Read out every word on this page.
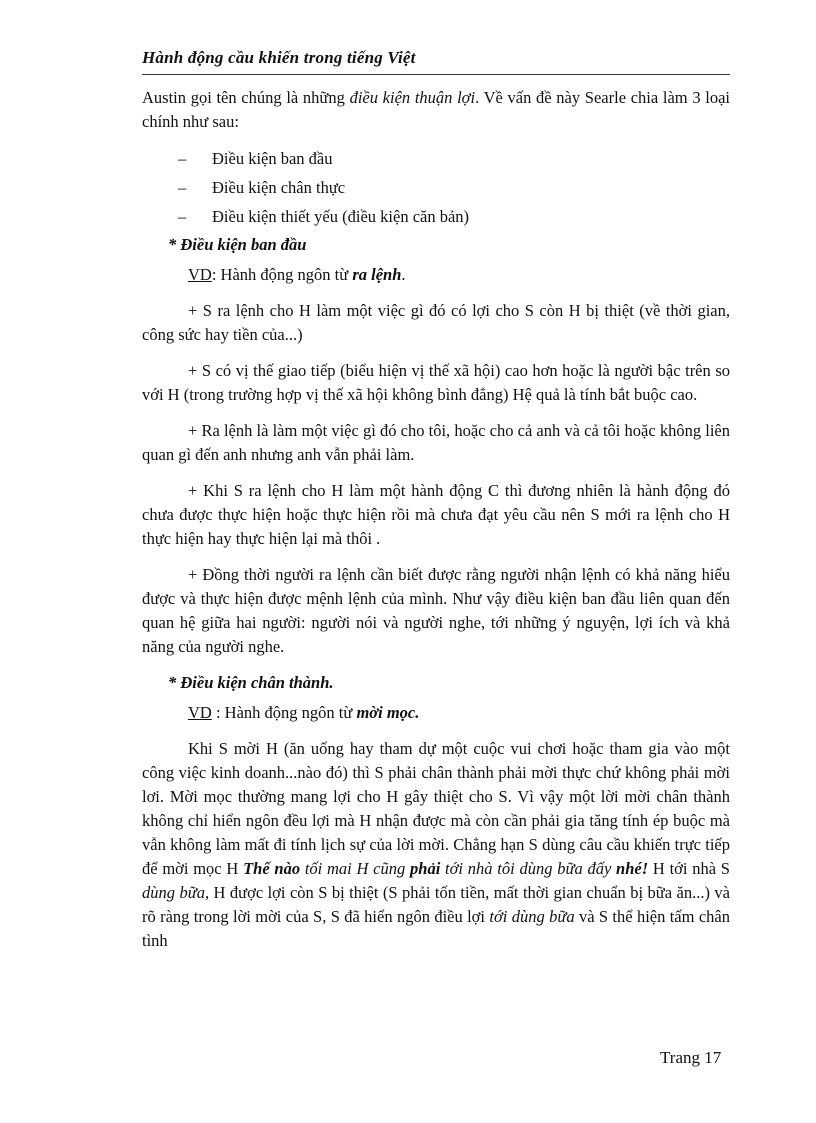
Hành động cầu khiến trong tiếng Việt

Austin gọi tên chúng là những điều kiện thuận lợi. Về vấn đề này Searle chia làm 3 loại chính như sau:

– Điều kiện ban đầu
– Điều kiện chân thực
– Điều kiện thiết yếu (điều kiện căn bản)

* Điều kiện ban đầu

VD: Hành động ngôn từ ra lệnh.

+ S ra lệnh cho H làm một việc gì đó có lợi cho S còn H bị thiệt (về thời gian, công sức hay tiền của...)

+ S có vị thế giao tiếp (biểu hiện vị thế xã hội) cao hơn hoặc là người bậc trên so với H (trong trường hợp vị thế xã hội không bình đẳng) Hệ quả là tính bắt buộc cao.

+ Ra lệnh là làm một việc gì đó cho tôi, hoặc cho cả anh và cả tôi hoặc không liên quan gì đến anh nhưng anh vẫn phải làm.

+ Khi S ra lệnh cho H làm một hành động C thì đương nhiên là hành động đó chưa được thực hiện hoặc thực hiện rồi mà chưa đạt yêu cầu nên S mới ra lệnh cho H thực hiện hay thực hiện lại mà thôi .

+ Đồng thời người ra lệnh cần biết được rằng người nhận lệnh có khả năng hiểu được và thực hiện được mệnh lệnh của mình. Như vậy điều kiện ban đầu liên quan đến quan hệ giữa hai người: người nói và người nghe, tới những ý nguyện, lợi ích và khả năng của người nghe.

* Điều kiện chân thành.

VD : Hành động ngôn từ mời mọc.

Khi S mời H (ăn uống hay tham dự một cuộc vui chơi hoặc tham gia vào một công việc kinh doanh...nào đó) thì S phải chân thành phải mời thực chứ không phải mời lơi. Mời mọc thường mang lợi cho H gây thiệt cho S. Vì vậy một lời mời chân thành không chỉ hiển ngôn đều lợi mà H nhận được mà còn cần phải gia tăng tính ép buộc mà vẫn không làm mất đi tính lịch sự của lời mời. Chẳng hạn S dùng câu cầu khiến trực tiếp để mời mọc H Thế nào tối mai H cũng phải tới nhà tôi dùng bữa đấy nhé! H tới nhà S dùng bữa, H được lợi còn S bị thiệt (S phải tốn tiền, mất thời gian chuẩn bị bữa ăn...) và rõ ràng trong lời mời của S, S đã hiển ngôn điều lợi tới dùng bữa và S thể hiện tấm chân tình

Trang 17
